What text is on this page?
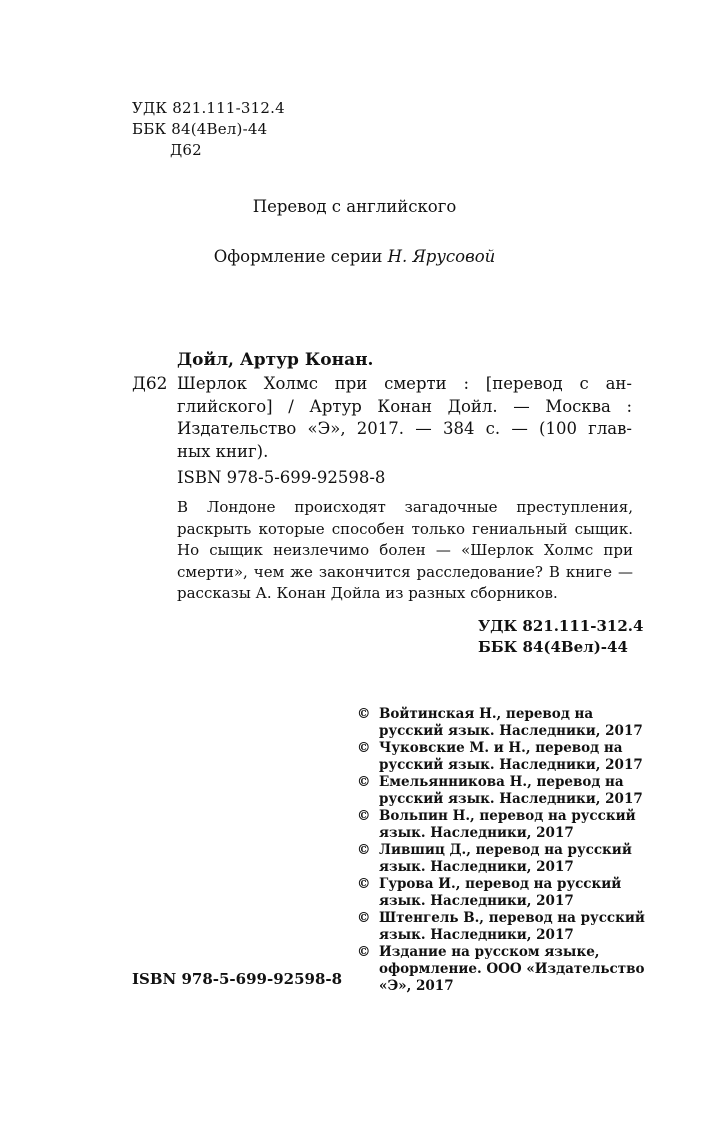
УДК 821.111-312.4
ББК 84(4Вел)-44
Д62
Перевод с английского
Оформление серии Н. Ярусовой
Дойл, Артур Конан.
Д62 Шерлок Холмс при смерти : [перевод с ан-
глийского] / Артур Конан Дойл. — Москва :
Издательство «Э», 2017. — 384 с. — (100 глав-
ных книг).
ISBN 978-5-699-92598-8
В Лондоне происходят загадочные преступления,
раскрыть которые способен только гениальный сыщик.
Но сыщик неизлечимо болен — «Шерлок Холмс при
смерти», чем же закончится расследование? В книге —
рассказы А. Конан Дойла из разных сборников.
УДК 821.111-312.4
ББК 84(4Вел)-44
© Войтинская Н., перевод на
русский язык. Наследники, 2017
© Чуковские М. и Н., перевод на
русский язык. Наследники, 2017
© Емельянникова Н., перевод на
русский язык. Наследники, 2017
© Вольпин Н., перевод на русский
язык. Наследники, 2017
© Лившиц Д., перевод на русский
язык. Наследники, 2017
© Гурова И., перевод на русский
язык. Наследники, 2017
© Штенгель В., перевод на русский
язык. Наследники, 2017
© Издание на русском языке,
оформление. ООО «Издательство
«Э», 2017
ISBN 978-5-699-92598-8
